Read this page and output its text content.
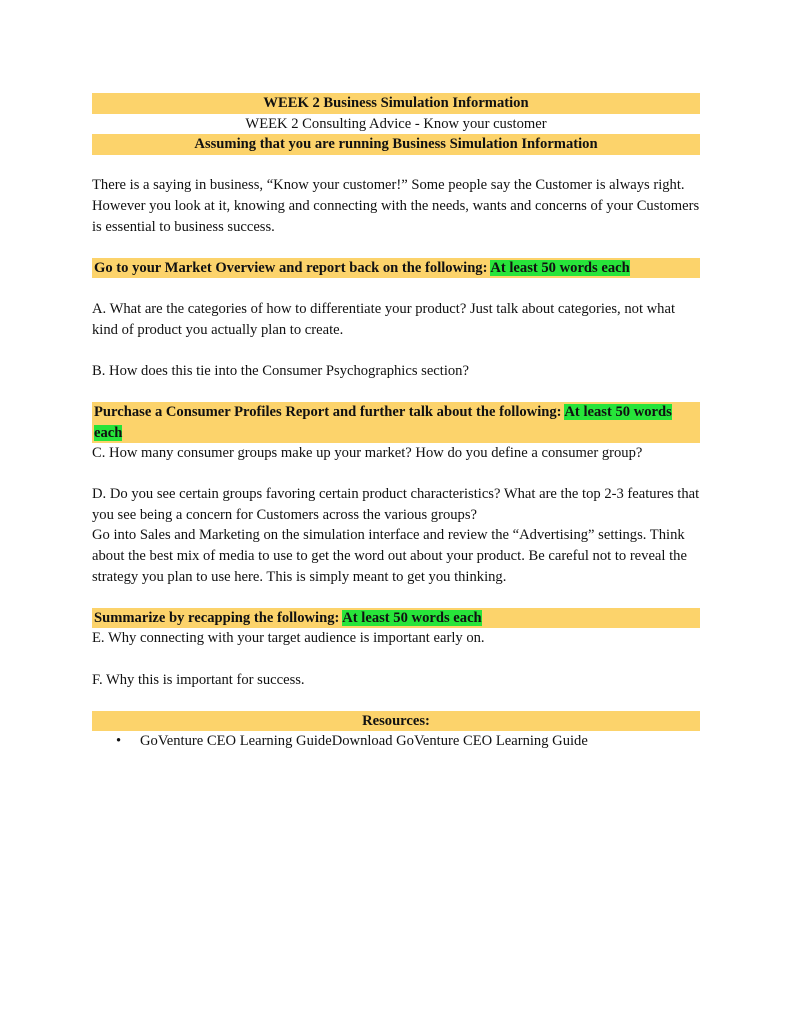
WEEK 2 Business Simulation Information
WEEK 2 Consulting Advice - Know your customer
Assuming that you are running Business Simulation Information

There is a saying in business, “Know your customer!” Some people say the Customer is always right. However you look at it, knowing and connecting with the needs, wants and concerns of your Customers is essential to business success.

Go to your Market Overview and report back on the following: At least 50 words each

A. What are the categories of how to differentiate your product? Just talk about categories, not what kind of product you actually plan to create.

B. How does this tie into the Consumer Psychographics section?

Purchase a Consumer Profiles Report and further talk about the following: At least 50 words each

C. How many consumer groups make up your market? How do you define a consumer group?

D. Do you see certain groups favoring certain product characteristics? What are the top 2-3 features that you see being a concern for Customers across the various groups?

Go into Sales and Marketing on the simulation interface and review the “Advertising” settings. Think about the best mix of media to use to get the word out about your product. Be careful not to reveal the strategy you plan to use here. This is simply meant to get you thinking.

Summarize by recapping the following: At least 50 words each

E. Why connecting with your target audience is important early on.

F. Why this is important for success.

Resources:
• GoVenture CEO Learning GuideDownload GoVenture CEO Learning Guide
